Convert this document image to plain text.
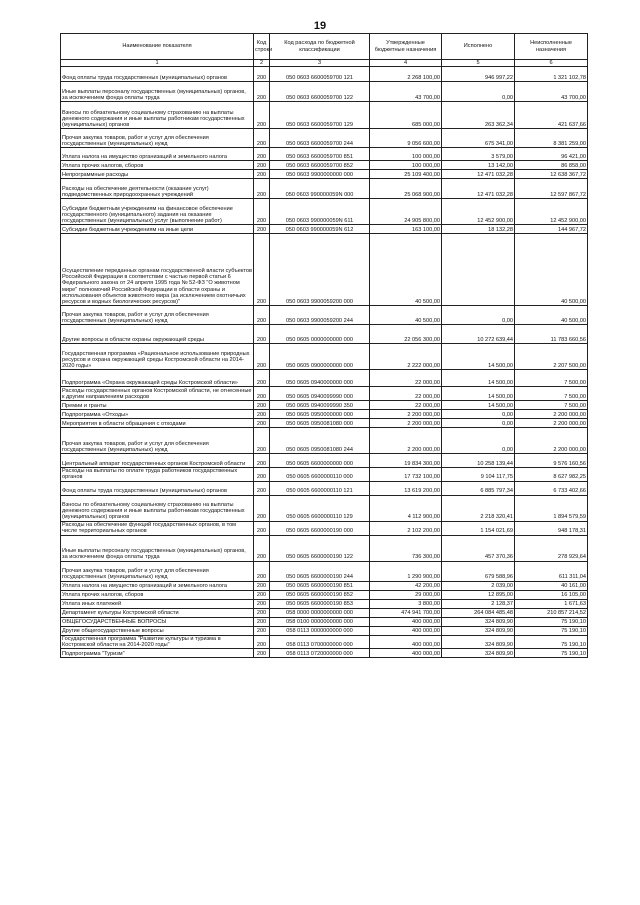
19
Наименование показателя	Код строки	Код расхода по бюджетной классификации	Утвержденные бюджетные назначения	Исполнено	Неисполненные назначения
1	2	3	4	5	6
Фонд оплаты труда государственных (муниципальных) органов	200	050 0603 6600059700 121	2 268 100,00	946 997,22	1 321 102,78
Иные выплаты персоналу государственных (муниципальных) органов, за исключением фонда оплаты труда	200	050 0603 6600059700 122	43 700,00	0,00	43 700,00
Взносы по обязательному социальному страхованию на выплаты денежного содержания и иные выплаты работникам государственных (муниципальных) органов	200	050 0603 6600059700 129	685 000,00	263 362,34	421 637,66
Прочая закупка товаров, работ и услуг для обеспечения государственных (муниципальных) нужд	200	050 0603 6600059700 244	9 056 600,00	675 341,00	8 381 259,00
Уплата налога на имущество организаций и земельного налога	200	050 0603 6600059700 851	100 000,00	3 579,00	96 421,00
Уплата прочих налогов, сборов	200	050 0603 6600059700 852	100 000,00	13 142,00	86 858,00
Непрограммные расходы	200	050 0603 9900000000 000	25 109 400,00	12 471 032,28	12 638 367,72
Расходы на обеспечение деятельности (оказание услуг) подведомственных природоохранных учреждений	200	050 0603 990000059N 000	25 068 900,00	12 471 032,28	12 597 867,72
Субсидии бюджетным учреждениям на финансовое обеспечение государственного (муниципального) задания на оказание государственных (муниципальных) услуг (выполнение работ)	200	050 0603 990000059N 611	24 905 800,00	12 452 900,00	12 452 900,00
Субсидии бюджетным учреждениям на иные цели	200	050 0603 990000059N 612	163 100,00	18 132,28	144 967,72
Осуществление переданных органам государственной власти субъектов Российской Федерации в соответствии с частью первой статьи 6 Федерального закона от 24 апреля 1995 года № 52-ФЗ "О животном мире" полномочий Российской Федерации в области охраны и использования объектов животного мира (за исключением охотничьих ресурсов и водных биологических ресурсов)"	200	050 0603 9900059200 000	40 500,00		40 500,00
Прочая закупка товаров, работ и услуг для обеспечения государственных (муниципальных) нужд	200	050 0603 9900059200 244	40 500,00	0,00	40 500,00
Другие вопросы в области охраны окружающей среды	200	050 0605 0000000000 000	22 056 300,00	10 272 639,44	11 783 660,56
Государственная программа «Рациональное использование природных ресурсов и охрана окружающей среды Костромской области на 2014-2020 годы»	200	050 0605 0900000000 000	2 222 000,00	14 500,00	2 207 500,00
Подпрограмма «Охрана окружающей среды Костромской области»	200	050 0605 0940000000 000	22 000,00	14 500,00	7 500,00
Расходы государственных органов Костромской области, не отнесенные к другим направлениям расходов	200	050 0605 0940099990 000	22 000,00	14 500,00	7 500,00
Премии и гранты	200	050 0605 0940099990 350	22 000,00	14 500,00	7 500,00
Подпрограмма «Отходы»	200	050 0605 0950000000 000	2 200 000,00	0,00	2 200 000,00
Мероприятия в области обращения с отходами	200	050 0605 0950081080 000	2 200 000,00	0,00	2 200 000,00
Прочая закупка товаров, работ и услуг для обеспечения государственных (муниципальных) нужд	200	050 0605 0950081080 244	2 200 000,00	0,00	2 200 000,00
Центральный аппарат государственных органов Костромской области	200	050 0605 6600000000 000	19 834 300,00	10 258 139,44	9 576 160,56
Расходы на выплаты по оплате труда работников государственных органов	200	050 0605 6600000110 000	17 732 100,00	9 104 117,75	8 627 982,25
Фонд оплаты труда государственных (муниципальных) органов	200	050 0605 6600000110 121	13 619 200,00	6 885 797,34	6 733 402,66
Взносы по обязательному социальному страхованию на выплаты денежного содержания и иные выплаты работникам государственных (муниципальных) органов	200	050 0605 6600000110 129	4 112 900,00	2 218 320,41	1 894 579,59
Расходы на обеспечение функций государственных органов, в том числе территориальных органов	200	050 0605 6600000190 000	2 102 200,00	1 154 021,69	948 178,31
Иные выплаты персоналу государственных (муниципальных) органов, за исключением фонда оплаты труда	200	050 0605 6600000190 122	736 300,00	457 370,36	278 929,64
Прочая закупка товаров, работ и услуг для обеспечения государственных (муниципальных) нужд	200	050 0605 6600000190 244	1 290 900,00	679 588,96	611 311,04
Уплата налога на имущество организаций и земельного налога	200	050 0605 6600000190 851	42 200,00	2 039,00	40 161,00
Уплата прочих налогов, сборов	200	050 0605 6600000190 852	29 000,00	12 895,00	16 105,00
Уплата иных платежей	200	050 0605 6600000190 853	3 800,00	2 128,37	1 671,63
Департамент культуры Костромской области	200	058 0000 0000000000 000	474 941 700,00	264 084 485,48	210 857 214,52
ОБЩЕГОСУДАРСТВЕННЫЕ ВОПРОСЫ	200	058 0100 0000000000 000	400 000,00	324 809,90	75 190,10
Другие общегосударственные вопросы	200	058 0113 0000000000 000	400 000,00	324 809,90	75 190,10
Государственная программа "Развитие культуры и туризма в Костромской области на 2014-2020 годы"	200	058 0113 0700000000 000	400 000,00	324 809,90	75 190,10
Подпрограмма "Туризм"	200	058 0113 0720000000 000	400 000,00	324 809,90	75 190,10
